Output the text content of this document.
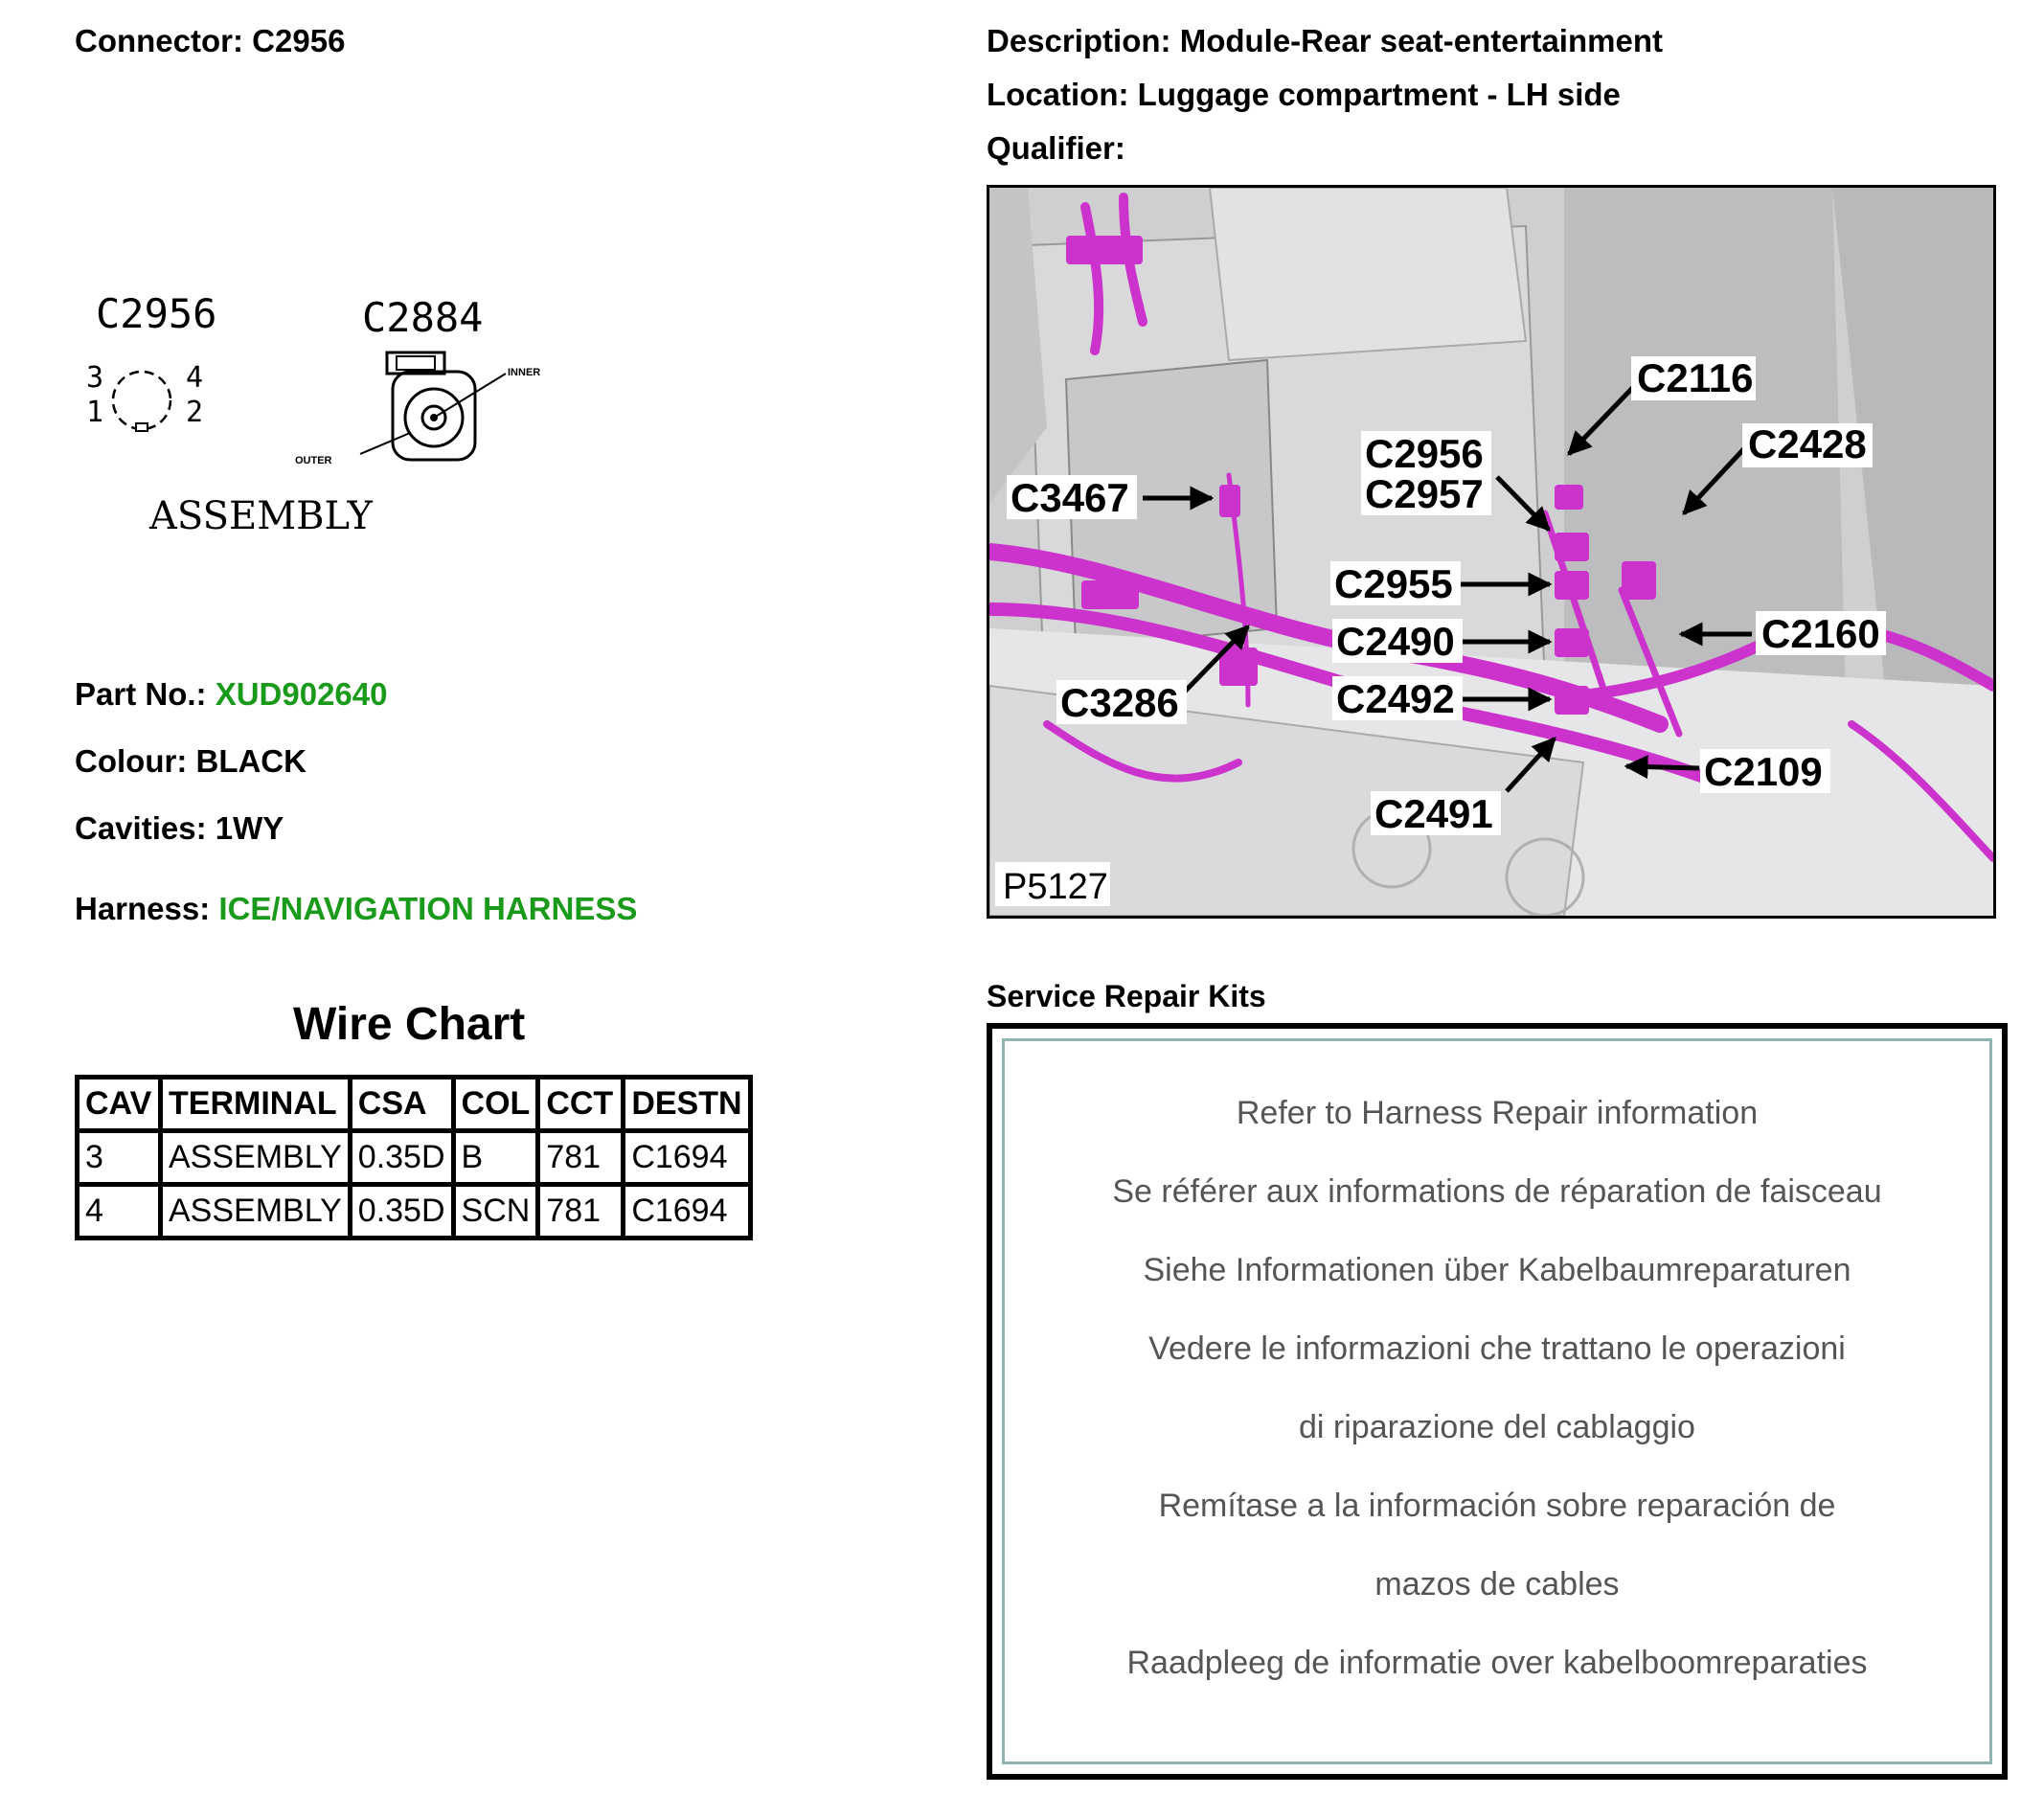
Connector: C2956	Description: Module-Rear seat-entertainment
Location: Luggage compartment - LH side
Qualifier:
C2956	C2884
3	4
1	2
INNER
OUTER
ASSEMBLY
Part No.: XUD902640
Colour: BLACK
Cavities: 1WY
Harness: ICE/NAVIGATION HARNESS
Wire Chart
CAV	TERMINAL	CSA	COL	CCT	DESTN
3	ASSEMBLY	0.35D	B	781	C1694
4	ASSEMBLY	0.35D	SCN	781	C1694
C2116
C2956
C2957
C2428
C3467
C2955
C2160
C2490
C3286	C2492
C2109
C2491
P5127
Service Repair Kits
Refer to Harness Repair information
Se référer aux informations de réparation de faisceau
Siehe Informationen über Kabelbaumreparaturen
Vedere le informazioni che trattano le operazioni
di riparazione del cablaggio
Remítase a la información sobre reparación de
mazos de cables
Raadpleeg de informatie over kabelboomreparaties
